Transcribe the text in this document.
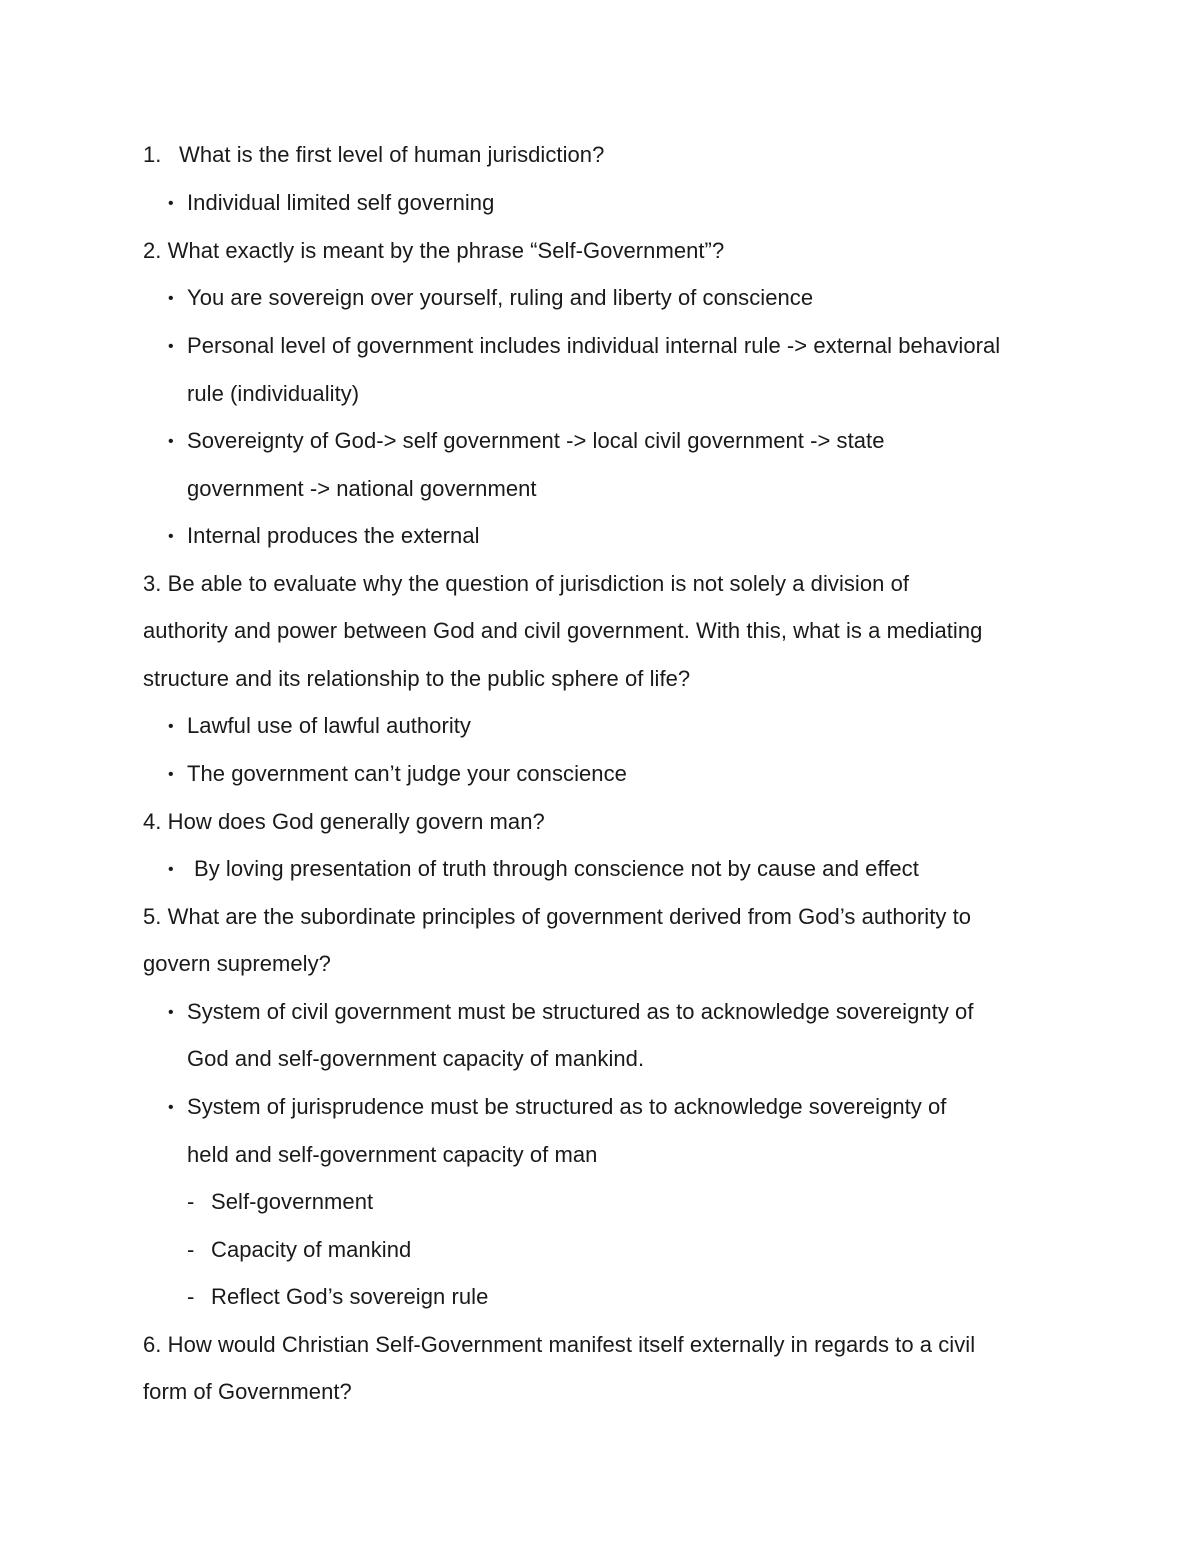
1. What is the first level of human jurisdiction?
• Individual limited self governing
2. What exactly is meant by the phrase “Self-Government”?
• You are sovereign over yourself, ruling and liberty of conscience
• Personal level of government includes individual internal rule -> external behavioral
rule (individuality)
• Sovereignty of God-> self government -> local civil government -> state
government -> national government
• Internal produces the external
3. Be able to evaluate why the question of jurisdiction is not solely a division of
authority and power between God and civil government. With this, what is a mediating
structure and its relationship to the public sphere of life?
• Lawful use of lawful authority
• The government can’t judge your conscience
4. How does God generally govern man?
• By loving presentation of truth through conscience not by cause and effect
5. What are the subordinate principles of government derived from God’s authority to
govern supremely?
• System of civil government must be structured as to acknowledge sovereignty of
God and self-government capacity of mankind.
• System of jurisprudence must be structured as to acknowledge sovereignty of
held and self-government capacity of man
- Self-government
- Capacity of mankind
- Reflect God’s sovereign rule
6. How would Christian Self-Government manifest itself externally in regards to a civil
form of Government?
